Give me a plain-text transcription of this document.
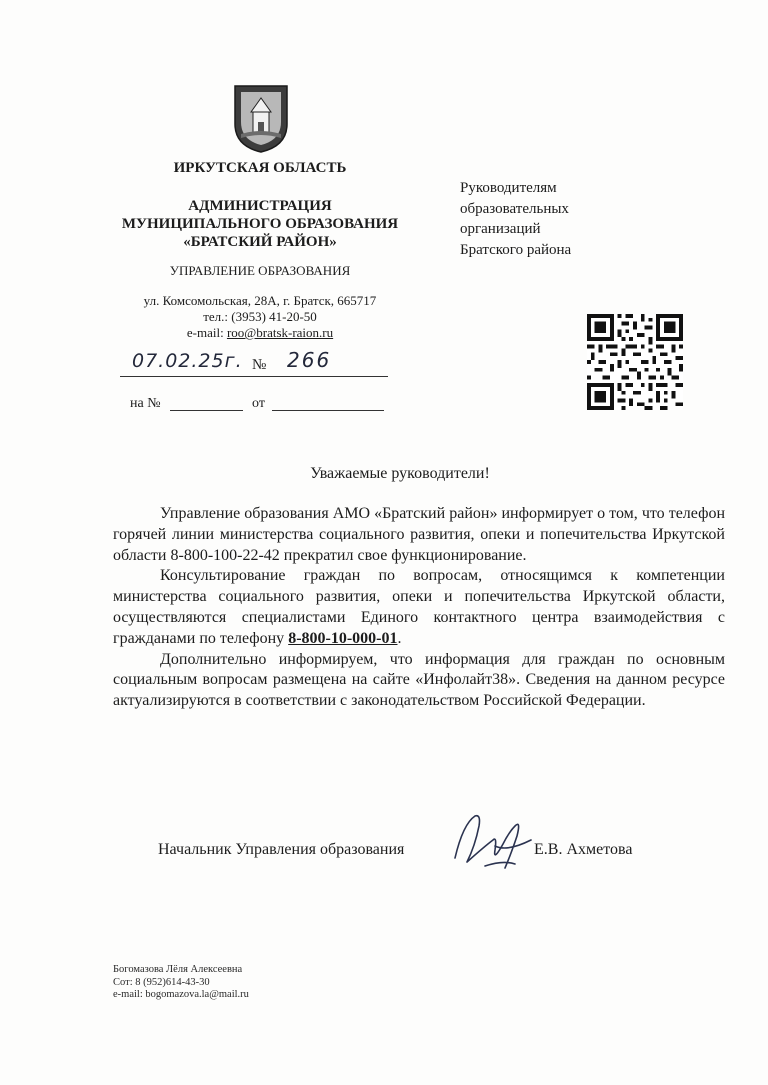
ИРКУТСКАЯ ОБЛАСТЬ
АДМИНИСТРАЦИЯ
МУНИЦИПАЛЬНОГО ОБРАЗОВАНИЯ
«БРАТСКИЙ РАЙОН»
УПРАВЛЕНИЕ ОБРАЗОВАНИЯ
ул. Комсомольская, 28А, г. Братск, 665717
тел.: (3953) 41-20-50
e-mail: roo@bratsk-raion.ru
07.02.25г. № 266
на №	от
Руководителям
образовательных
организаций
Братского района
Уважаемые руководители!

Управление образования АМО «Братский район» информирует о том, что телефон горячей линии министерства социального развития, опеки и попечительства Иркутской области 8-800-100-22-42 прекратил свое функционирование.

Консультирование граждан по вопросам, относящимся к компетенции министерства социального развития, опеки и попечительства Иркутской области, осуществляются специалистами Единого контактного центра взаимодействия с гражданами по телефону 8-800-10-000-01.

Дополнительно информируем, что информация для граждан по основным социальным вопросам размещена на сайте «Инфолайт38». Сведения на данном ресурсе актуализируются в соответствии с законодательством Российской Федерации.

Начальник Управления образования	Е.В. Ахметова
Богомазова Лёля Алексеевна
Сот: 8 (952)614-43-30
e-mail: bogomazova.la@mail.ru
